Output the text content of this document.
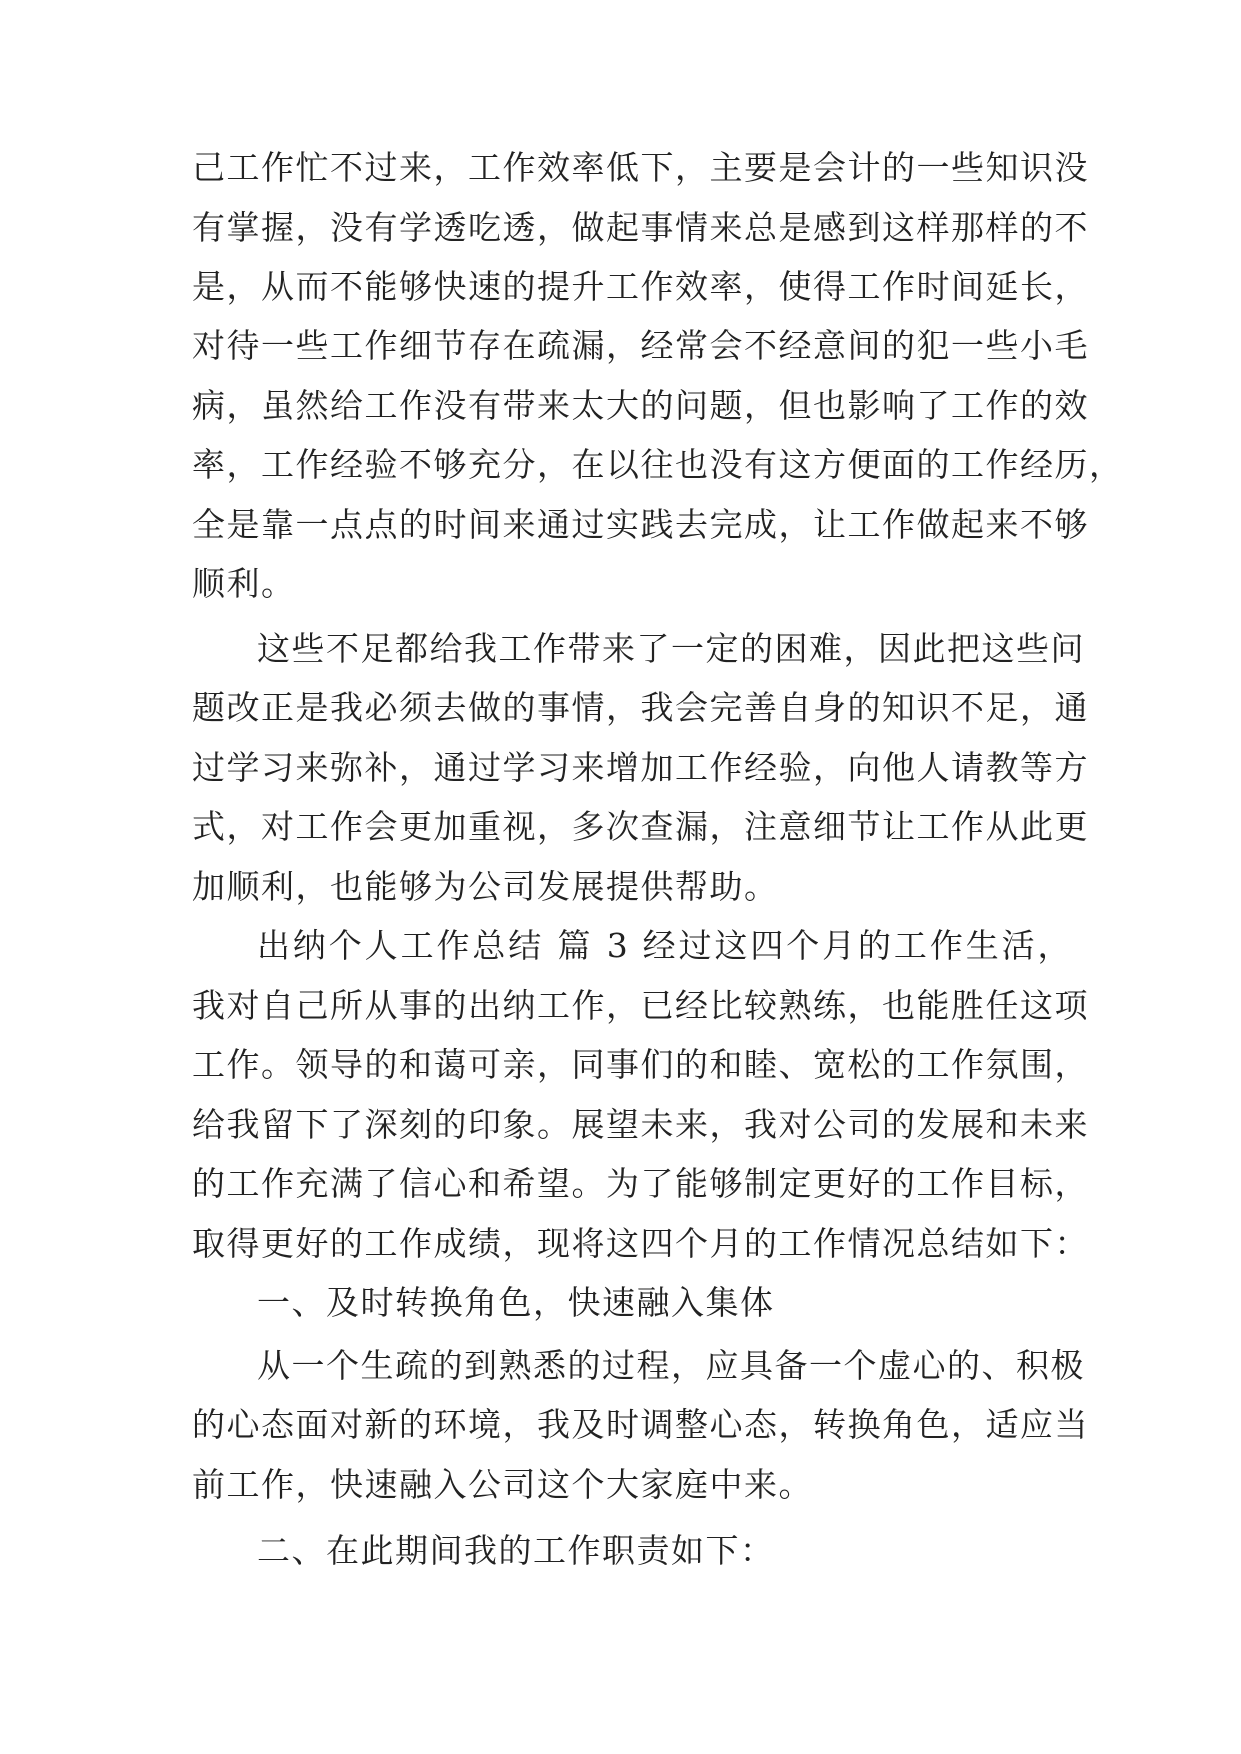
己工作忙不过来，工作效率低下，主要是会计的一些知识没
有掌握，没有学透吃透，做起事情来总是感到这样那样的不
是，从而不能够快速的提升工作效率，使得工作时间延长，
对待一些工作细节存在疏漏，经常会不经意间的犯一些小毛
病，虽然给工作没有带来太大的问题，但也影响了工作的效
率，工作经验不够充分，在以往也没有这方便面的工作经历，
全是靠一点点的时间来通过实践去完成，让工作做起来不够
顺利。
这些不足都给我工作带来了一定的困难，因此把这些问
题改正是我必须去做的事情，我会完善自身的知识不足，通
过学习来弥补，通过学习来增加工作经验，向他人请教等方
式，对工作会更加重视，多次查漏，注意细节让工作从此更
加顺利，也能够为公司发展提供帮助。
出纳个人工作总结 篇 3 经过这四个月的工作生活，
我对自己所从事的出纳工作，已经比较熟练，也能胜任这项
工作。领导的和蔼可亲，同事们的和睦、宽松的工作氛围，
给我留下了深刻的印象。展望未来，我对公司的发展和未来
的工作充满了信心和希望。为了能够制定更好的工作目标，
取得更好的工作成绩，现将这四个月的工作情况总结如下：
一、及时转换角色，快速融入集体
从一个生疏的到熟悉的过程，应具备一个虚心的、积极
的心态面对新的环境，我及时调整心态，转换角色，适应当
前工作，快速融入公司这个大家庭中来。
二、在此期间我的工作职责如下：
